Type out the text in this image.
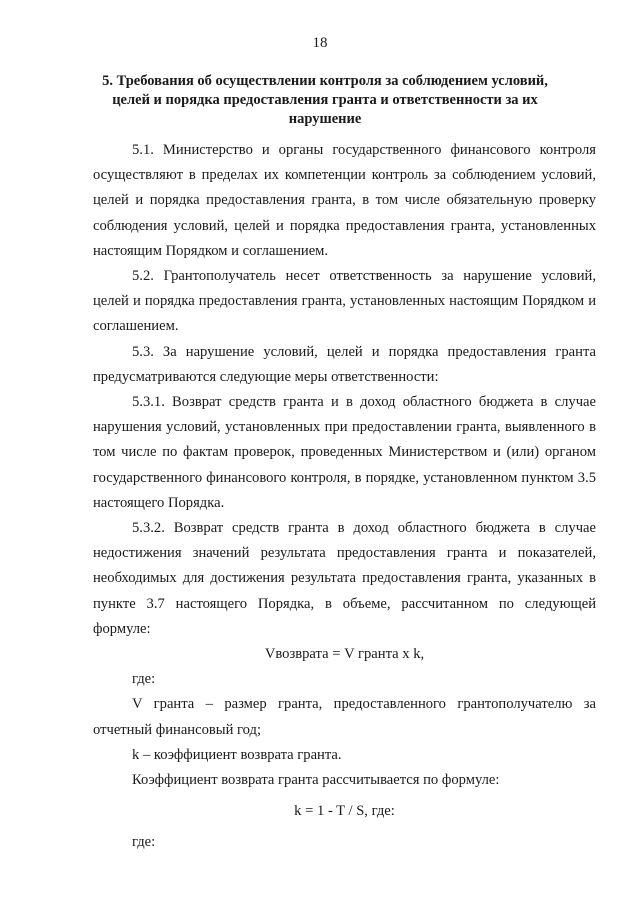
18
5. Требования об осуществлении контроля за соблюдением условий, целей и порядка предоставления гранта и ответственности за их нарушение

5.1. Министерство и органы государственного финансового контроля осуществляют в пределах их компетенции контроль за соблюдением условий, целей и порядка предоставления гранта, в том числе обязательную проверку соблюдения условий, целей и порядка предоставления гранта, установленных настоящим Порядком и соглашением.

5.2. Грантополучатель несет ответственность за нарушение условий, целей и порядка предоставления гранта, установленных настоящим Порядком и соглашением.

5.3. За нарушение условий, целей и порядка предоставления гранта предусматриваются следующие меры ответственности:

5.3.1. Возврат средств гранта и в доход областного бюджета в случае нарушения условий, установленных при предоставлении гранта, выявленного в том числе по фактам проверок, проведенных Министерством и (или) органом государственного финансового контроля, в порядке, установленном пунктом 3.5 настоящего Порядка.

5.3.2. Возврат средств гранта в доход областного бюджета в случае недостижения значений результата предоставления гранта и показателей, необходимых для достижения результата предоставления гранта, указанных в пункте 3.7 настоящего Порядка, в объеме, рассчитанном по следующей формуле:

Vвозврата = V гранта x k,

где:

V гранта – размер гранта, предоставленного грантополучателю за отчетный финансовый год;

k – коэффициент возврата гранта.

Коэффициент возврата гранта рассчитывается по формуле:

k = 1 - T / S, где:

где:
